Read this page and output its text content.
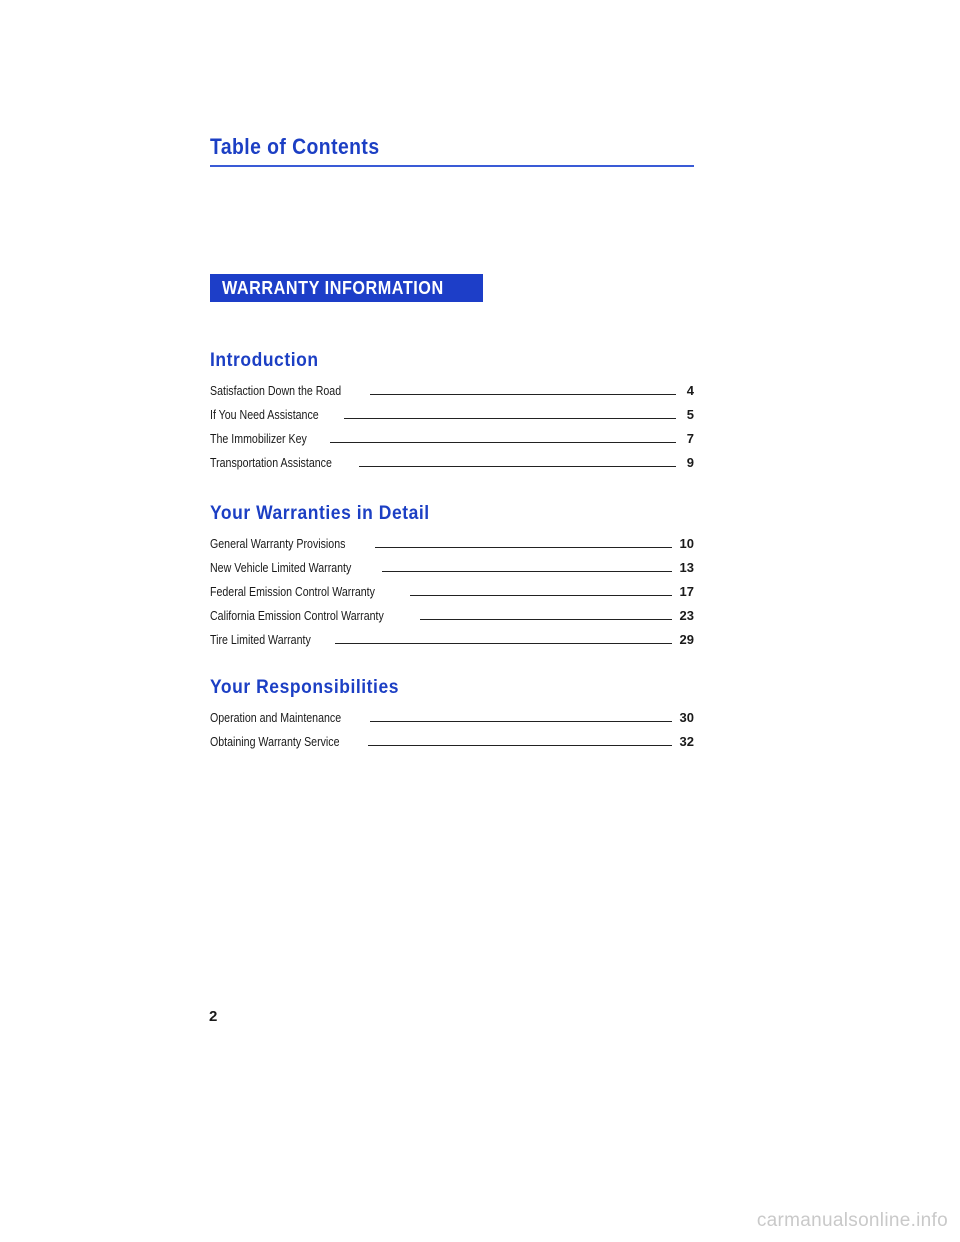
Table of Contents
WARRANTY INFORMATION
Introduction
Satisfaction Down the Road	4
If You Need Assistance	5
The Immobilizer Key	7
Transportation Assistance	9
Your Warranties in Detail
General Warranty Provisions	10
New Vehicle Limited Warranty	13
Federal Emission Control Warranty	17
California Emission Control Warranty	23
Tire Limited Warranty	29
Your Responsibilities
Operation and Maintenance	30
Obtaining Warranty Service	32
2
carmanualsonline.info
